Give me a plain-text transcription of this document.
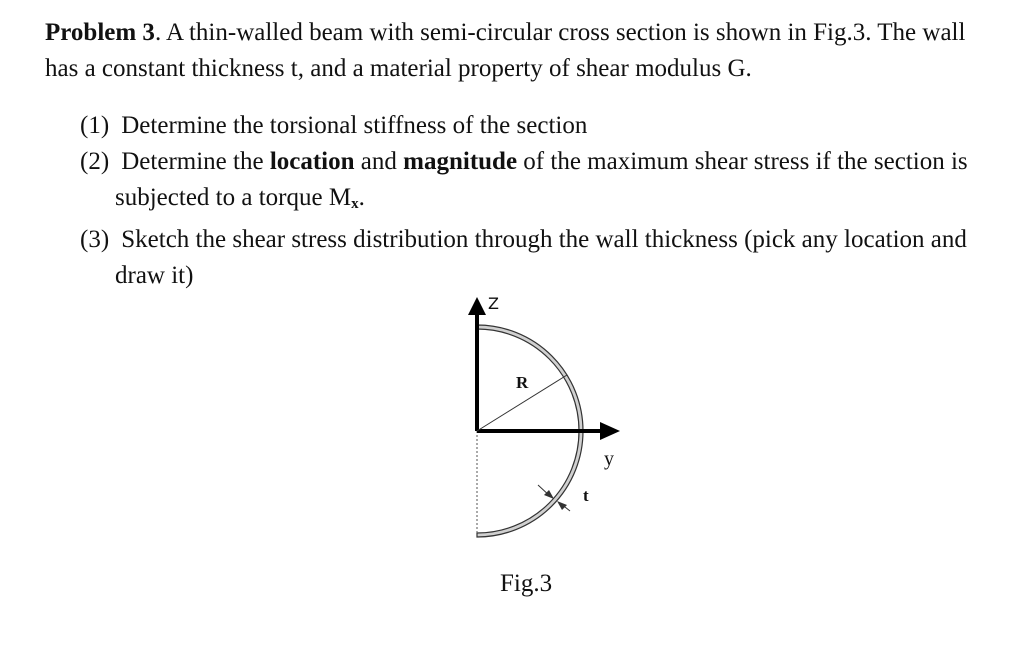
Problem 3. A thin-walled beam with semi-circular cross section is shown in Fig.3. The wall has a constant thickness t, and a material property of shear modulus G.

(1) Determine the torsional stiffness of the section
(2) Determine the location and magnitude of the maximum shear stress if the section is subjected to a torque $M_x$.
(3) Sketch the shear stress distribution through the wall thickness (pick any location and draw it)
Z
R
y
t
Fig.3
